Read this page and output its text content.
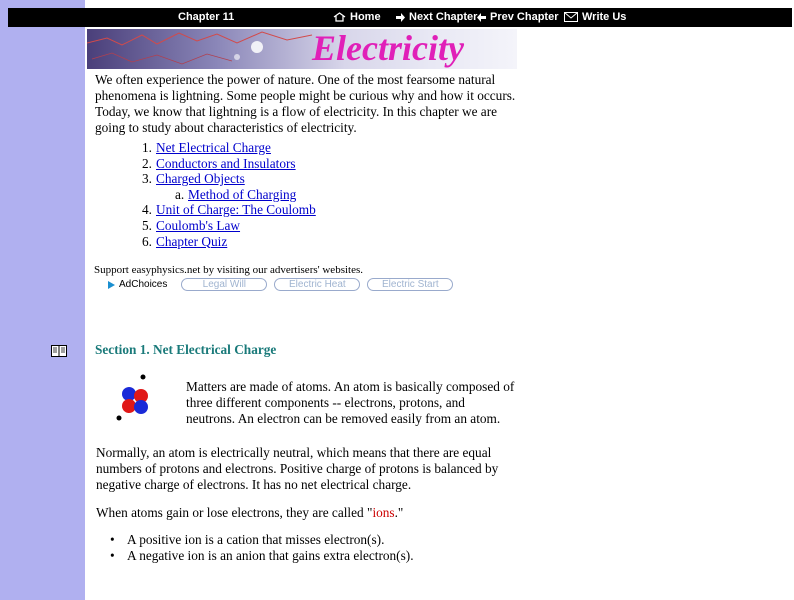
Chapter 11	Home	Next Chapter Prev Chapter Write Us
Electricity
We often experience the power of nature. One of the most fearsome natural phenomena is lightning. Some people might be curious why and how it occurs. Today, we know that lightning is a flow of electricity. In this chapter we are going to study about characteristics of electricity.
1. Net Electrical Charge
2. Conductors and Insulators
3. Charged Objects
a. Method of Charging
4. Unit of Charge: The Coulomb
5. Coulomb's Law
6. Chapter Quiz
Support easyphysics.net by visiting our advertisers' websites.
AdChoices	Legal Will	Electric Heat	Electric Start
Section 1. Net Electrical Charge
Matters are made of atoms. An atom is basically composed of three different components -- electrons, protons, and neutrons. An electron can be removed easily from an atom.
Normally, an atom is electrically neutral, which means that there are equal numbers of protons and electrons. Positive charge of protons is balanced by negative charge of electrons. It has no net electrical charge.
When atoms gain or lose electrons, they are called "ions."
• A positive ion is a cation that misses electron(s).
• A negative ion is an anion that gains extra electron(s).
